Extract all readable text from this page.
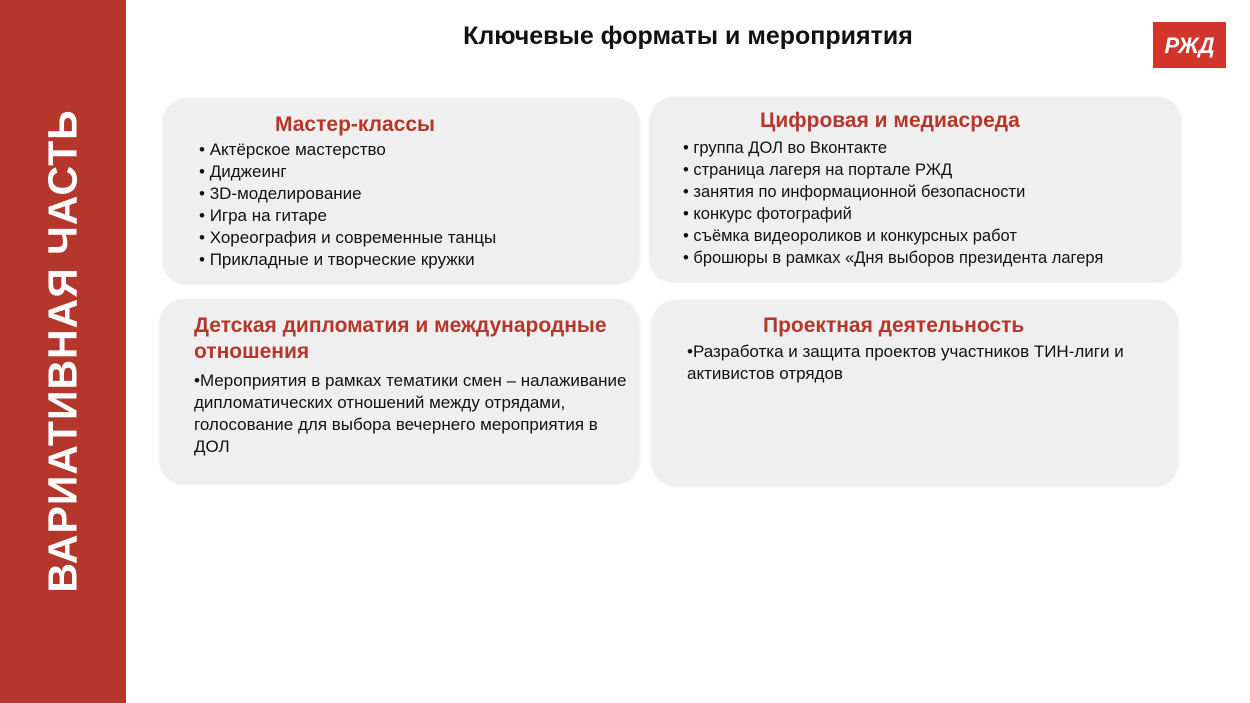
ВАРИАТИВНАЯ ЧАСТЬ
Ключевые форматы и мероприятия	РЖД
Мастер-классы
• Актёрское мастерство
• Диджеинг
• 3D-моделирование
• Игра на гитаре
• Хореография и современные танцы
• Прикладные и творческие кружки
Цифровая и медиасреда
• группа ДОЛ во Вконтакте
• страница лагеря на портале РЖД
• занятия по информационной безопасности
• конкурс фотографий
• съёмка видеороликов и конкурсных работ
• брошюры в рамках «Дня выборов президента лагеря
Детская дипломатия и международные отношения

•Мероприятия в рамках тематики смен – налаживание дипломатических отношений между отрядами, голосование для выбора вечернего мероприятия в ДОЛ

Проектная деятельность

•Разработка и защита проектов участников ТИН-лиги и активистов отрядов
